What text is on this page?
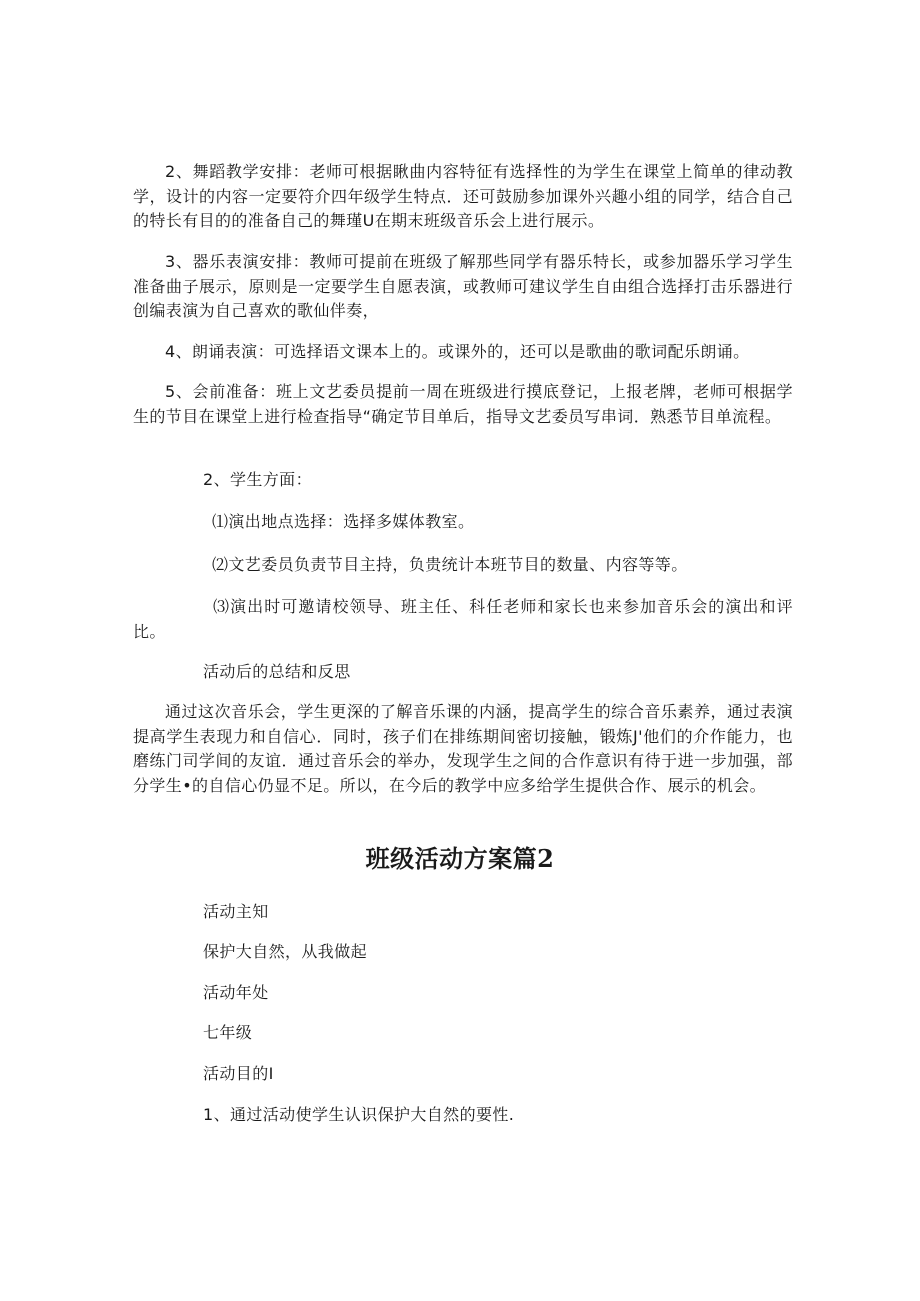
2、舞蹈教学安排：老师可根据瞅曲内容特征有选择性的为学生在课堂上简单的律动教学，设计的内容一定要符介四年级学生特点．还可鼓励参加课外兴趣小组的同学，结合自己的特长有目的的准备自己的舞瑾U在期末班级音乐会上进行展示。

3、器乐表演安排：教师可提前在班级了解那些同学有器乐特长，或参加器乐学习学生准备曲子展示，原则是一定要学生自愿表演，或教师可建议学生自由组合选择打击乐器进行创编表演为自己喜欢的歌仙伴奏，

4、朗诵表演：可选择语文课本上的。或课外的，还可以是歌曲的歌词配乐朗诵。

5、会前准备：班上文艺委员提前一周在班级进行摸底登记，上报老牌，老师可根据学生的节目在课堂上进行检查指导“确定节目单后，指导文艺委员写串词．熟悉节目单流程。

2、学生方面：

⑴演出地点选择：选择多媒体教室。

⑵文艺委员负责节目主持，负贵统计本班节目的数量、内容等等。

⑶演出时可邀请校领导、班主任、科任老师和家长也来参加音乐会的演出和评比。

活动后的总结和反思

通过这次音乐会，学生更深的了解音乐课的内涵，提高学生的综合音乐素养，通过表演提高学生表现力和自信心．同时，孩子们在排练期间密切接触，锻炼J'他们的介作能力，也磨练门司学间的友谊．通过音乐会的举办，发现学生之间的合作意识有待于进一步加强，部分学生•的自信心仍显不足。所以，在今后的教学中应多给学生提供合作、展示的机会。

班级活动方案篇2

活动主知

保护大自然，从我做起

活动年处

七年级

活动目的I

1、通过活动使学生认识保护大自然的要性.
